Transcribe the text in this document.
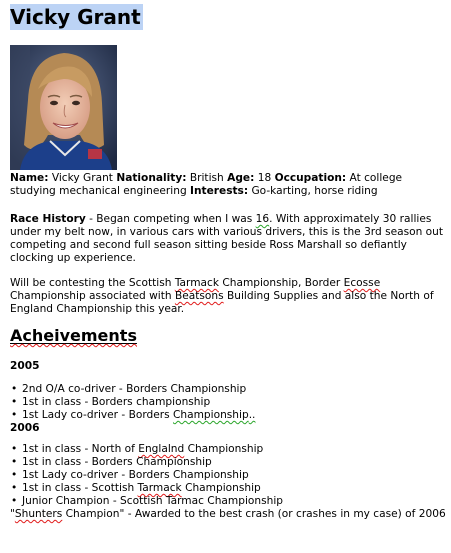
Vicky Grant

Name: Vicky Grant Nationality: British Age: 18 Occupation: At college studying mechanical engineering Interests: Go-karting, horse riding

Race History - Began competing when I was 16. With approximately 30 rallies under my belt now, in various cars with various drivers, this is the 3rd season out competing and second full season sitting beside Ross Marshall so defiantly clocking up experience.

Will be contesting the Scottish Tarmack Championship, Border Ecosse Championship associated with Beatsons Building Supplies and also the North of England Championship this year.

Acheivements
2005
• 2nd O/A co-driver - Borders Championship
• 1st in class - Borders championship
• 1st Lady co-driver - Borders Championship..
2006
• 1st in class - North of Englalnd Championship
• 1st in class - Borders Championship
• 1st Lady co-driver - Borders Championship
• 1st in class - Scottish Tarmack Championship
• Junior Champion - Scottish Tarmac Championship

"Shunters Champion" - Awarded to the best crash (or crashes in my case) of 2006
